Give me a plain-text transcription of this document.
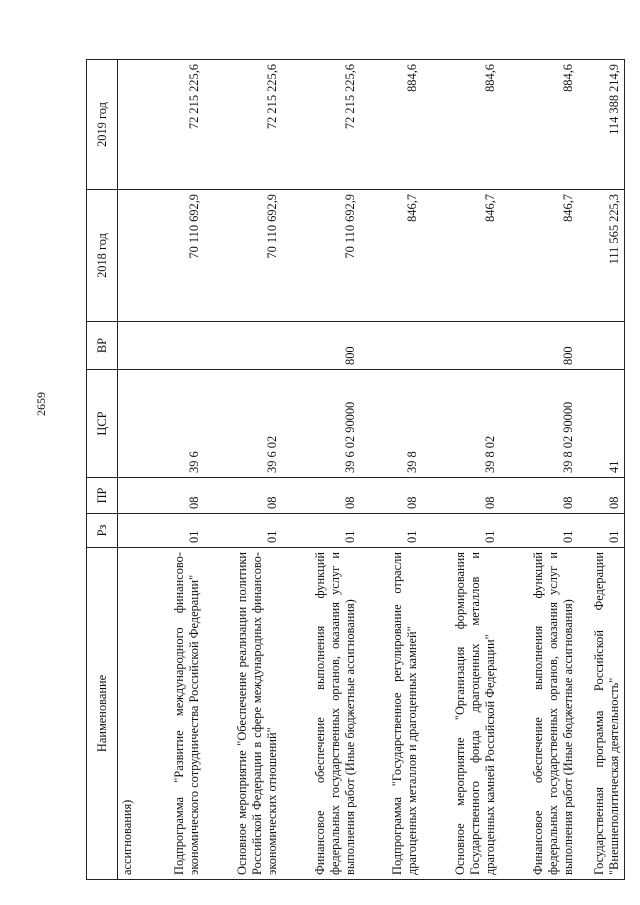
2659
Наименование	Рз	ПР	ЦСР	ВР	2018 год	2019 год
ассигнования)						
Подпрограмма "Развитие международного финансово-экономического сотрудничества Российской Федерации"	01	08	39 6		70 110 692,9	72 215 225,6
Основное мероприятие "Обеспечение реализации политики Российской Федерации в сфере международных финансово-экономических отношений"	01	08	39 6 02		70 110 692,9	72 215 225,6
Финансовое обеспечение выполнения функций федеральных государственных органов, оказания услуг и выполнения работ (Иные бюджетные ассигнования)	01	08	39 6 02 90000	800	70 110 692,9	72 215 225,6
Подпрограмма "Государственное регулирование отрасли драгоценных металлов и драгоценных камней"	01	08	39 8		846,7	884,6
Основное мероприятие "Организация формирования Государственного фонда драгоценных металлов и драгоценных камней Российской Федерации"	01	08	39 8 02		846,7	884,6
Финансовое обеспечение выполнения функций федеральных государственных органов, оказания услуг и выполнения работ (Иные бюджетные ассигнования)	01	08	39 8 02 90000	800	846,7	884,6
Государственная программа Российской Федерации "Внешнеполитическая деятельность"	01	08	41		111 565 225,3	114 388 214,9
